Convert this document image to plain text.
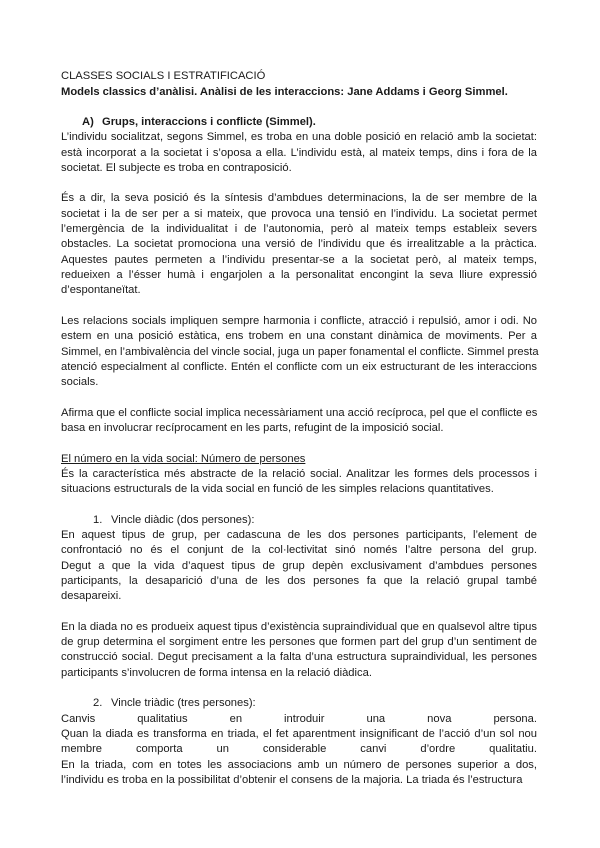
CLASSES SOCIALS I ESTRATIFICACIÓ
Models classics d’anàlisi. Anàlisi de les interaccions: Jane Addams i Georg Simmel.
A) Grups, interaccions i conflicte (Simmel).
L’individu socialitzat, segons Simmel, es troba en una doble posició en relació amb la societat:
està incorporat a la societat i s’oposa a ella. L’individu està, al mateix temps, dins i fora de la
societat. El subjecte es troba en contraposició.
És a dir, la seva posició és la síntesis d’ambdues determinacions, la de ser membre de la
societat i la de ser per a si mateix, que provoca una tensió en l’individu. La societat permet
l’emergència de la individualitat i de l’autonomia, però al mateix temps estableix severs
obstacles. La societat promociona una versió de l’individu que és irrealitzable a la pràctica.
Aquestes pautes permeten a l’individu presentar-se a la societat però, al mateix temps,
redueixen a l’ésser humà i engarjolen a la personalitat encongint la seva lliure expressió
d’espontaneïtat.
Les relacions socials impliquen sempre harmonia i conflicte, atracció i repulsió, amor i odi. No
estem en una posició estàtica, ens trobem en una constant dinàmica de moviments. Per a
Simmel, en l’ambivalència del vincle social, juga un paper fonamental el conflicte. Simmel presta
atenció especialment al conflicte. Entén el conflicte com un eix estructurant de les interaccions
socials.
Afirma que el conflicte social implica necessàriament una acció recíproca, pel que el conflicte es
basa en involucrar recíprocament en les parts, refugint de la imposició social.
El número en la vida social: Número de persones
És la característica més abstracte de la relació social. Analitzar les formes dels processos i
situacions estructurals de la vida social en funció de les simples relacions quantitatives.
1. Vincle diàdic (dos persones):
En aquest tipus de grup, per cadascuna de les dos persones participants, l’element de
confrontació no és el conjunt de la col·lectivitat sinó només l’altre persona del grup.
Degut a que la vida d’aquest tipus de grup depèn exclusivament d’ambdues persones
participants, la desaparició d’una de les dos persones fa que la relació grupal també
desapareixi.
En la diada no es produeix aquest tipus d’existència supraindividual que en qualsevol altre tipus
de grup determina el sorgiment entre les persones que formen part del grup d’un sentiment de
construcció social. Degut precisament a la falta d’una estructura supraindividual, les persones
participants s’involucren de forma intensa en la relació diàdica.
2. Vincle triàdic (tres persones):
Canvis qualitatius en introduir una nova persona.
Quan la diada es transforma en triada, el fet aparentment insignificant de l’acció d’un sol nou
membre comporta un considerable canvi d’ordre qualitatiu.
En la triada, com en totes les associacions amb un número de persones superior a dos,
l’individu es troba en la possibilitat d’obtenir el consens de la majoria. La triada és l’estructura
